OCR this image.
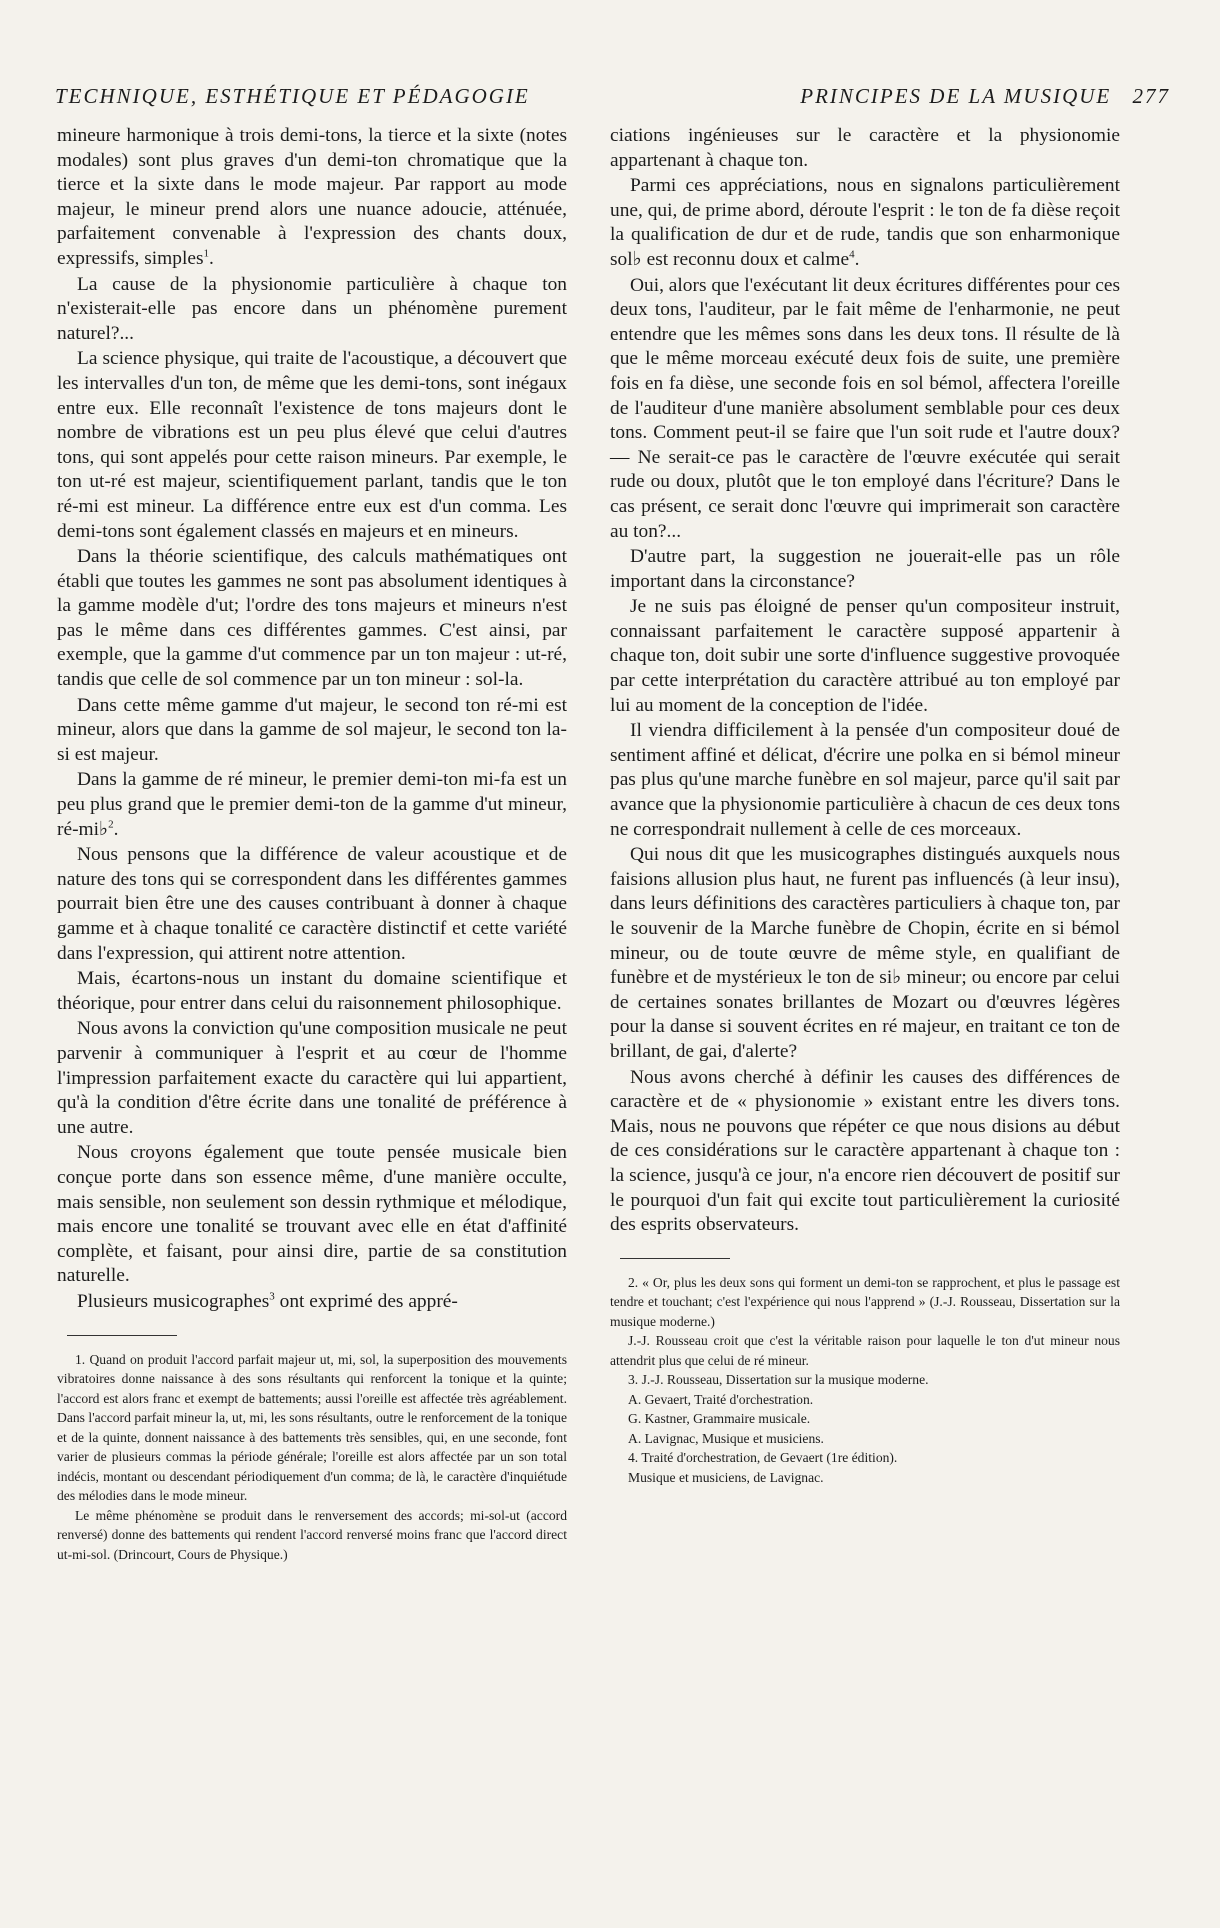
TECHNIQUE, ESTHÉTIQUE ET PÉDAGOGIE	PRINCIPES DE LA MUSIQUE 277

mineure harmonique à trois demi-tons, la tierce et la sixte (notes modales) sont plus graves d'un demi-ton chromatique que la tierce et la sixte dans le mode majeur. Par rapport au mode majeur, le mineur prend alors une nuance adoucie, atténuée, parfaitement convenable à l'expression des chants doux, expressifs, simples$^1$.

La cause de la physionomie particulière à chaque ton n'existerait-elle pas encore dans un phénomène purement naturel?...

La science physique, qui traite de l'acoustique, a découvert que les intervalles d'un ton, de même que les demi-tons, sont inégaux entre eux. Elle reconnaît l'existence de tons majeurs dont le nombre de vibrations est un peu plus élevé que celui d'autres tons, qui sont appelés pour cette raison mineurs. Par exemple, le ton ut-ré est majeur, scientifiquement parlant, tandis que le ton ré-mi est mineur. La différence entre eux est d'un comma. Les demi-tons sont également classés en majeurs et en mineurs.

Dans la théorie scientifique, des calculs mathématiques ont établi que toutes les gammes ne sont pas absolument identiques à la gamme modèle d'ut; l'ordre des tons majeurs et mineurs n'est pas le même dans ces différentes gammes. C'est ainsi, par exemple, que la gamme d'ut commence par un ton majeur : ut-ré, tandis que celle de sol commence par un ton mineur : sol-la.

Dans cette même gamme d'ut majeur, le second ton ré-mi est mineur, alors que dans la gamme de sol majeur, le second ton la-si est majeur.

Dans la gamme de ré mineur, le premier demi-ton mi-fa est un peu plus grand que le premier demi-ton de la gamme d'ut mineur, ré-mi♭$^2$.

Nous pensons que la différence de valeur acoustique et de nature des tons qui se correspondent dans les différentes gammes pourrait bien être une des causes contribuant à donner à chaque gamme et à chaque tonalité ce caractère distinctif et cette variété dans l'expression, qui attirent notre attention.

Mais, écartons-nous un instant du domaine scientifique et théorique, pour entrer dans celui du raisonnement philosophique.

Nous avons la conviction qu'une composition musicale ne peut parvenir à communiquer à l'esprit et au cœur de l'homme l'impression parfaitement exacte du caractère qui lui appartient, qu'à la condition d'être écrite dans une tonalité de préférence à une autre.

Nous croyons également que toute pensée musicale bien conçue porte dans son essence même, d'une manière occulte, mais sensible, non seulement son dessin rythmique et mélodique, mais encore une tonalité se trouvant avec elle en état d'affinité complète, et faisant, pour ainsi dire, partie de sa constitution naturelle.

Plusieurs musicographes$^3$ ont exprimé des appré-

1. Quand on produit l'accord parfait majeur ut, mi, sol, la superposition des mouvements vibratoires donne naissance à des sons résultants qui renforcent la tonique et la quinte; l'accord est alors franc et exempt de battements; aussi l'oreille est affectée très agréablement. Dans l'accord parfait mineur la, ut, mi, les sons résultants, outre le renforcement de la tonique et de la quinte, donnent naissance à des battements très sensibles, qui, en une seconde, font varier de plusieurs commas la période générale; l'oreille est alors affectée par un son total indécis, montant ou descendant périodiquement d'un comma; de là, le caractère d'inquiétude des mélodies dans le mode mineur.

Le même phénomène se produit dans le renversement des accords; mi-sol-ut (accord renversé) donne des battements qui rendent l'accord renversé moins franc que l'accord direct ut-mi-sol. (Drincourt, Cours de Physique.)

ciations ingénieuses sur le caractère et la physionomie appartenant à chaque ton.

Parmi ces appréciations, nous en signalons particulièrement une, qui, de prime abord, déroute l'esprit : le ton de fa dièse reçoit la qualification de dur et de rude, tandis que son enharmonique sol♭ est reconnu doux et calme$^4$.

Oui, alors que l'exécutant lit deux écritures différentes pour ces deux tons, l'auditeur, par le fait même de l'enharmonie, ne peut entendre que les mêmes sons dans les deux tons. Il résulte de là que le même morceau exécuté deux fois de suite, une première fois en fa dièse, une seconde fois en sol bémol, affectera l'oreille de l'auditeur d'une manière absolument semblable pour ces deux tons. Comment peut-il se faire que l'un soit rude et l'autre doux? — Ne serait-ce pas le caractère de l'œuvre exécutée qui serait rude ou doux, plutôt que le ton employé dans l'écriture? Dans le cas présent, ce serait donc l'œuvre qui imprimerait son caractère au ton?...

D'autre part, la suggestion ne jouerait-elle pas un rôle important dans la circonstance?

Je ne suis pas éloigné de penser qu'un compositeur instruit, connaissant parfaitement le caractère supposé appartenir à chaque ton, doit subir une sorte d'influence suggestive provoquée par cette interprétation du caractère attribué au ton employé par lui au moment de la conception de l'idée.

Il viendra difficilement à la pensée d'un compositeur doué de sentiment affiné et délicat, d'écrire une polka en si bémol mineur pas plus qu'une marche funèbre en sol majeur, parce qu'il sait par avance que la physionomie particulière à chacun de ces deux tons ne correspondrait nullement à celle de ces morceaux.

Qui nous dit que les musicographes distingués auxquels nous faisions allusion plus haut, ne furent pas influencés (à leur insu), dans leurs définitions des caractères particuliers à chaque ton, par le souvenir de la Marche funèbre de Chopin, écrite en si bémol mineur, ou de toute œuvre de même style, en qualifiant de funèbre et de mystérieux le ton de si♭ mineur; ou encore par celui de certaines sonates brillantes de Mozart ou d'œuvres légères pour la danse si souvent écrites en ré majeur, en traitant ce ton de brillant, de gai, d'alerte?

Nous avons cherché à définir les causes des différences de caractère et de « physionomie » existant entre les divers tons. Mais, nous ne pouvons que répéter ce que nous disions au début de ces considérations sur le caractère appartenant à chaque ton : la science, jusqu'à ce jour, n'a encore rien découvert de positif sur le pourquoi d'un fait qui excite tout particulièrement la curiosité des esprits observateurs.

2. « Or, plus les deux sons qui forment un demi-ton se rapprochent, et plus le passage est tendre et touchant; c'est l'expérience qui nous l'apprend » (J.-J. Rousseau, Dissertation sur la musique moderne.)

J.-J. Rousseau croit que c'est la véritable raison pour laquelle le ton d'ut mineur nous attendrit plus que celui de ré mineur.

3. J.-J. Rousseau, Dissertation sur la musique moderne.

A. Gevaert, Traité d'orchestration.

G. Kastner, Grammaire musicale.

A. Lavignac, Musique et musiciens.

4. Traité d'orchestration, de Gevaert (1re édition).

Musique et musiciens, de Lavignac.
